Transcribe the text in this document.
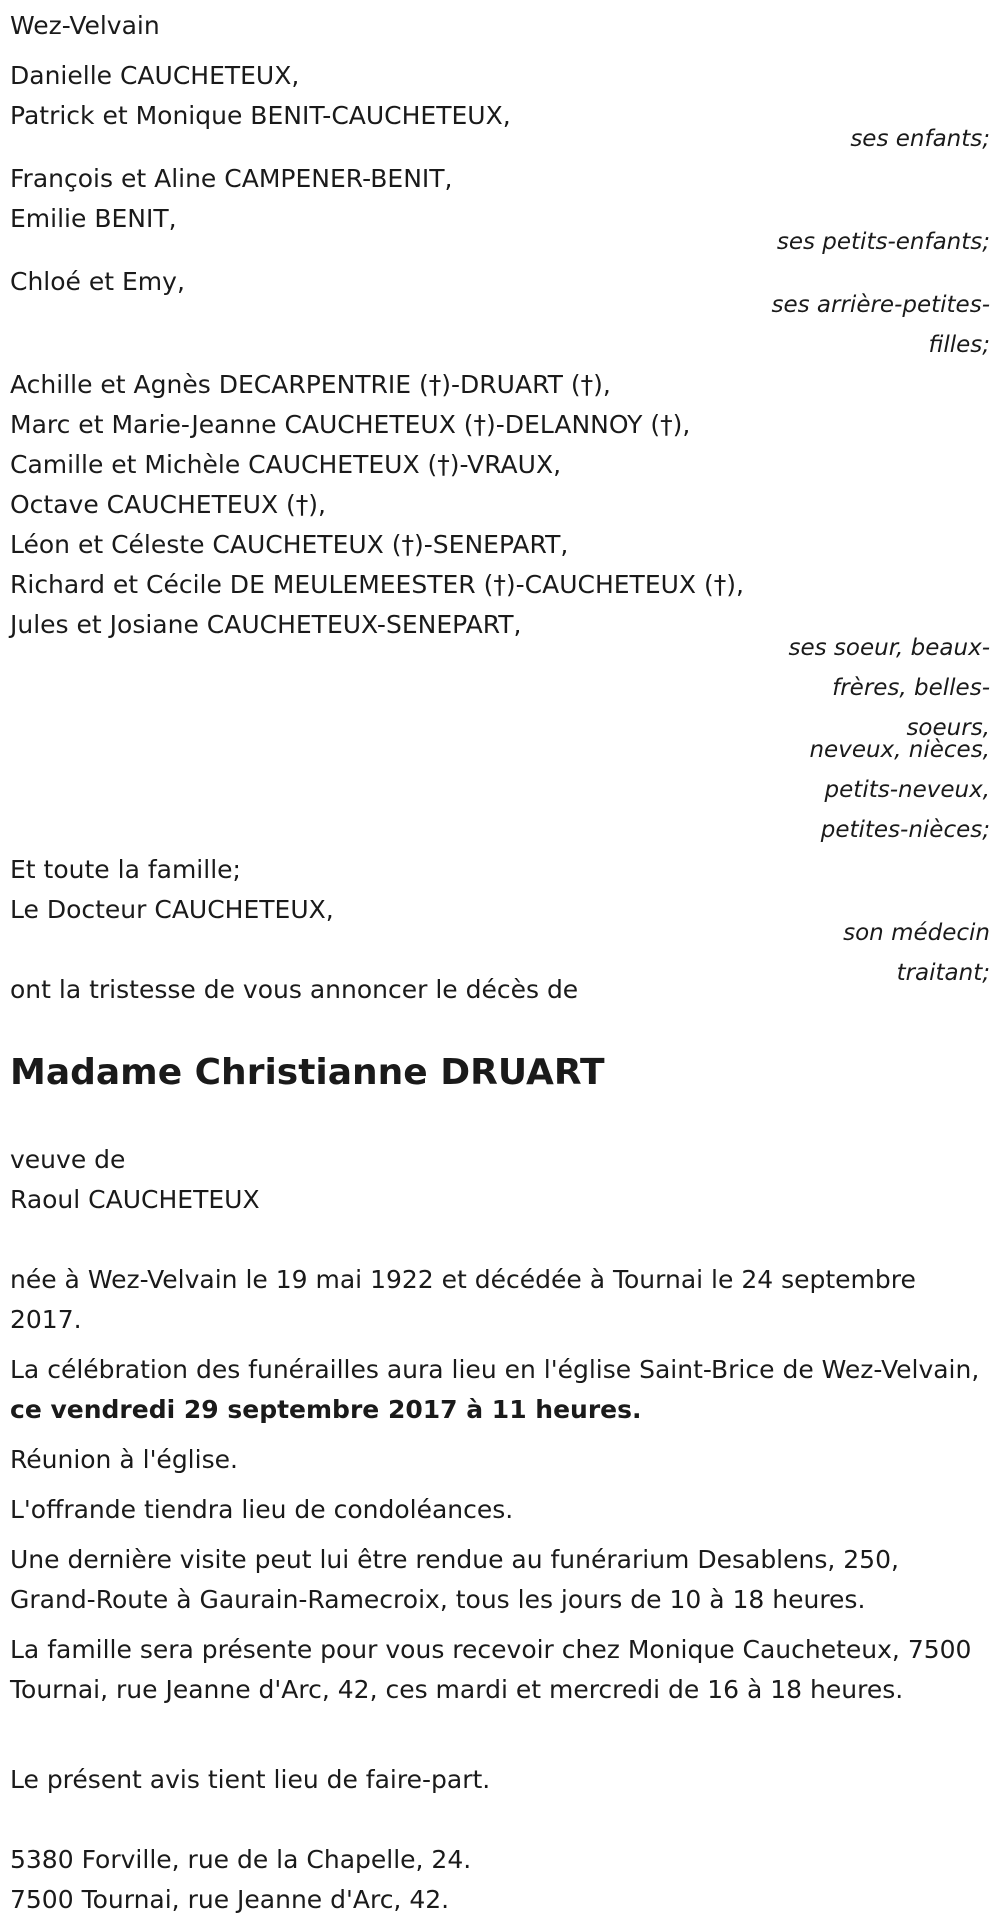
Wez-Velvain
Danielle CAUCHETEUX,
Patrick et Monique BENIT-CAUCHETEUX,
ses enfants;
François et Aline CAMPENER-BENIT,
Emilie BENIT,
ses petits-enfants;
Chloé et Emy,
ses arrière-petites-
filles;
Achille et Agnès DECARPENTRIE (†)-DRUART (†),
Marc et Marie-Jeanne CAUCHETEUX (†)-DELANNOY (†),
Camille et Michèle CAUCHETEUX (†)-VRAUX,
Octave CAUCHETEUX (†),
Léon et Céleste CAUCHETEUX (†)-SENEPART,
Richard et Cécile DE MEULEMEESTER (†)-CAUCHETEUX (†),
Jules et Josiane CAUCHETEUX-SENEPART,
ses soeur, beaux-
frères, belles-
soeurs,
neveux, nièces,
petits-neveux,
petites-nièces;
Et toute la famille;
Le Docteur CAUCHETEUX,
son médecin
traitant;
ont la tristesse de vous annoncer le décès de
Madame Christianne DRUART
veuve de
Raoul CAUCHETEUX
née à Wez-Velvain le 19 mai 1922 et décédée à Tournai le 24 septembre 2017.
La célébration des funérailles aura lieu en l'église Saint-Brice de Wez-Velvain, ce vendredi 29 septembre 2017 à 11 heures.
Réunion à l'église.
L'offrande tiendra lieu de condoléances.
Une dernière visite peut lui être rendue au funérarium Desablens, 250, Grand-Route à Gaurain-Ramecroix, tous les jours de 10 à 18 heures.
La famille sera présente pour vous recevoir chez Monique Caucheteux, 7500 Tournai, rue Jeanne d'Arc, 42, ces mardi et mercredi de 16 à 18 heures.
Le présent avis tient lieu de faire-part.
5380 Forville, rue de la Chapelle, 24.
7500 Tournai, rue Jeanne d'Arc, 42.
